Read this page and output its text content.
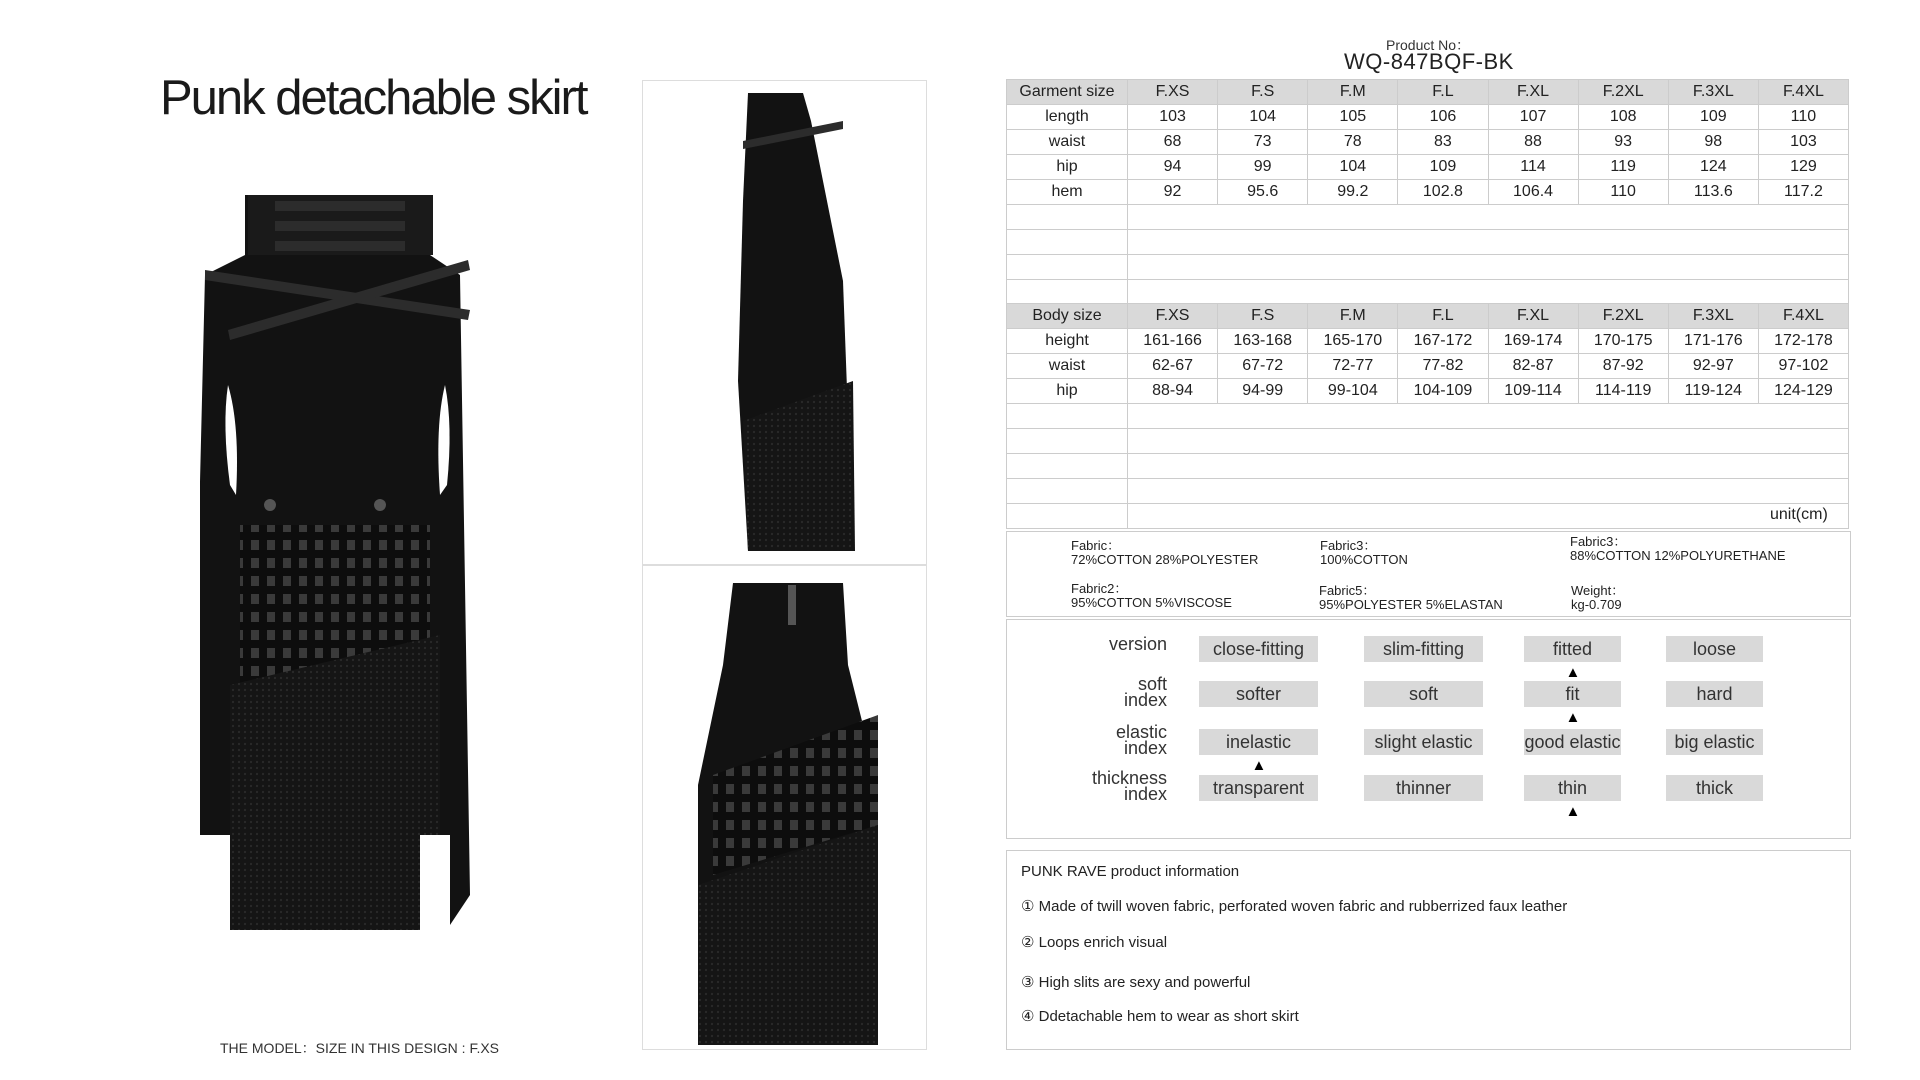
Punk detachable skirt
THE MODEL：SIZE IN THIS DESIGN : F.XS
Product No：
WQ-847BQF-BK
Garment size	F.XS	F.S	F.M	F.L	F.XL	F.2XL	F.3XL	F.4XL
length	103	104	105	106	107	108	109	110
waist	68	73	78	83	88	93	98	103
hip	94	99	104	109	114	119	124	129
hem	92	95.6	99.2	102.8	106.4	110	113.6	117.2

Body size	F.XS	F.S	F.M	F.L	F.XL	F.2XL	F.3XL	F.4XL
height	161-166	163-168	165-170	167-172	169-174	170-175	171-176	172-178
waist	62-67	67-72	72-77	77-82	82-87	87-92	92-97	97-102
hip	88-94	94-99	99-104	104-109	109-114	114-119	119-124	124-129

unit(cm)
Fabric：
72%COTTON 28%POLYESTER
Fabric3：
100%COTTON
Fabric3：
88%COTTON 12%POLYURETHANE
Fabric2：
95%COTTON 5%VISCOSE
Fabric5：
95%POLYESTER 5%ELASTAN
Weight：
kg-0.709
version	close-fitting	slim-fitting	fitted	loose
▲
soft
index	softer	soft	fit	hard
▲
elastic
index	inelastic	slight elastic	good elastic	big elastic
▲
thickness
index	transparent	thinner	thin	thick
▲
PUNK RAVE product information
① Made of twill woven fabric, perforated woven fabric and rubberrized faux leather
② Loops enrich visual
③ High slits are sexy and powerful
④ Ddetachable hem to wear as short skirt
